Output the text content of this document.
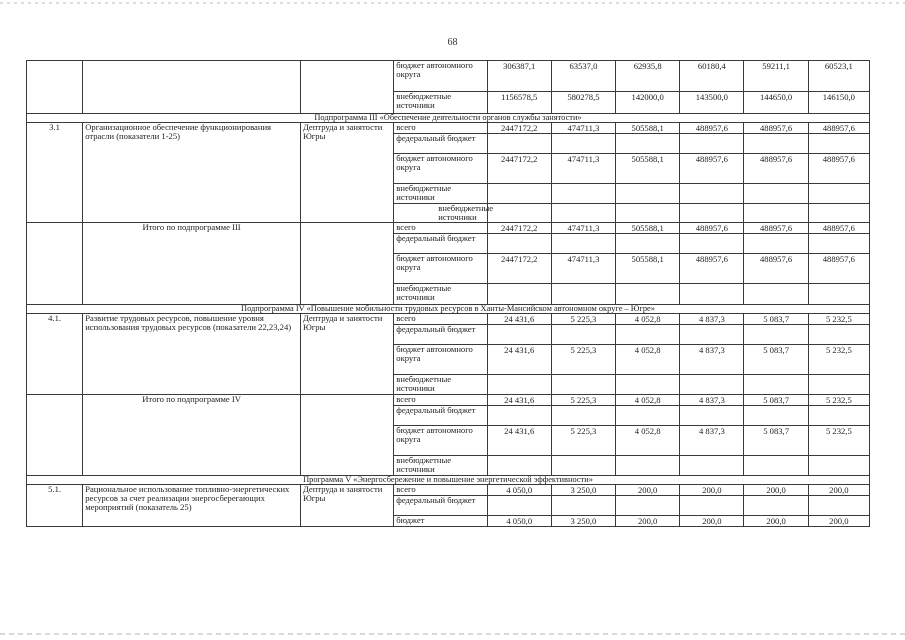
68
			бюджет автономного округа	306387,1	63537,0	62935,8	60180,4	59211,1	60523,1
			внебюджетные источники	1156578,5	580278,5	142000,0	143500,0	144650,0	146150,0
Подпрограмма III «Обеспечение деятельности органов службы занятости»									
3.1	Организационное обеспечение функционирования отрасли (показатели 1-25)	Дептруда и занятости Югры	всего	2447172,2	474711,3	505588,1	488957,6	488957,6	488957,6
			федеральный бюджет						
			бюджет автономного округа	2447172,2	474711,3	505588,1	488957,6	488957,6	488957,6
			внебюджетные источники						
			внебюджетные источники						
	Итого по подпрограмме III		всего	2447172,2	474711,3	505588,1	488957,6	488957,6	488957,6
			федеральный бюджет						
			бюджет автономного округа	2447172,2	474711,3	505588,1	488957,6	488957,6	488957,6
			внебюджетные источники						
Подпрограмма IV «Повышение мобильности трудовых ресурсов в Ханты-Мансийском автономном округе – Югре»									
4.1.	Развитие трудовых ресурсов, повышение уровня использования трудовых ресурсов (показатели 22,23,24)	Дептруда и занятости Югры	всего	24 431,6	5 225,3	4 052,8	4 837,3	5 083,7	5 232,5
			федеральный бюджет						
			бюджет автономного округа	24 431,6	5 225,3	4 052,8	4 837,3	5 083,7	5 232,5
			внебюджетные источники						
	Итого по подпрограмме IV		всего	24 431,6	5 225,3	4 052,8	4 837,3	5 083,7	5 232,5
			федеральный бюджет						
			бюджет автономного округа	24 431,6	5 225,3	4 052,8	4 837,3	5 083,7	5 232,5
			внебюджетные источники						
Программа V «Энергосбережение и повышение энергетической эффективности»									
5.1.	Рациональное использование топливно-энергетических ресурсов за счет реализации энергосберегающих мероприятий (показатель 25)	Дептруда и занятости Югры	всего	4 050,0	3 250,0	200,0	200,0	200,0	200,0
			федеральный бюджет						
			бюджет	4 050,0	3 250,0	200,0	200,0	200,0	200,0
